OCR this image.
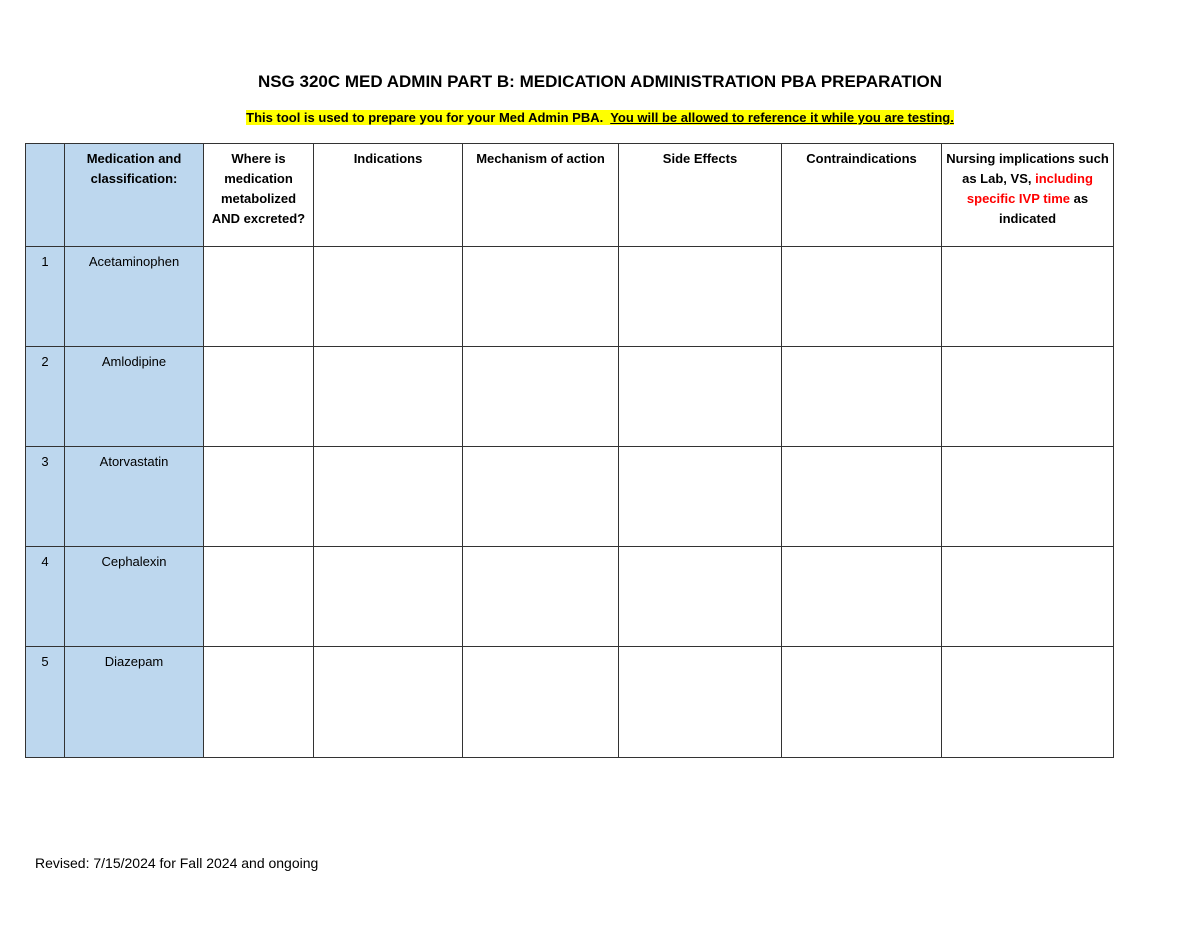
NSG 320C MED ADMIN PART B: MEDICATION ADMINISTRATION PBA PREPARATION
This tool is used to prepare you for your Med Admin PBA. You will be allowed to reference it while you are testing.
	Medication and classification:	Where is medication metabolized AND excreted?	Indications	Mechanism of action	Side Effects	Contraindications	Nursing implications such as Lab, VS, including specific IVP time as indicated
1	Acetaminophen						
2	Amlodipine						
3	Atorvastatin						
4	Cephalexin						
5	Diazepam						
Revised: 7/15/2024 for Fall 2024 and ongoing
